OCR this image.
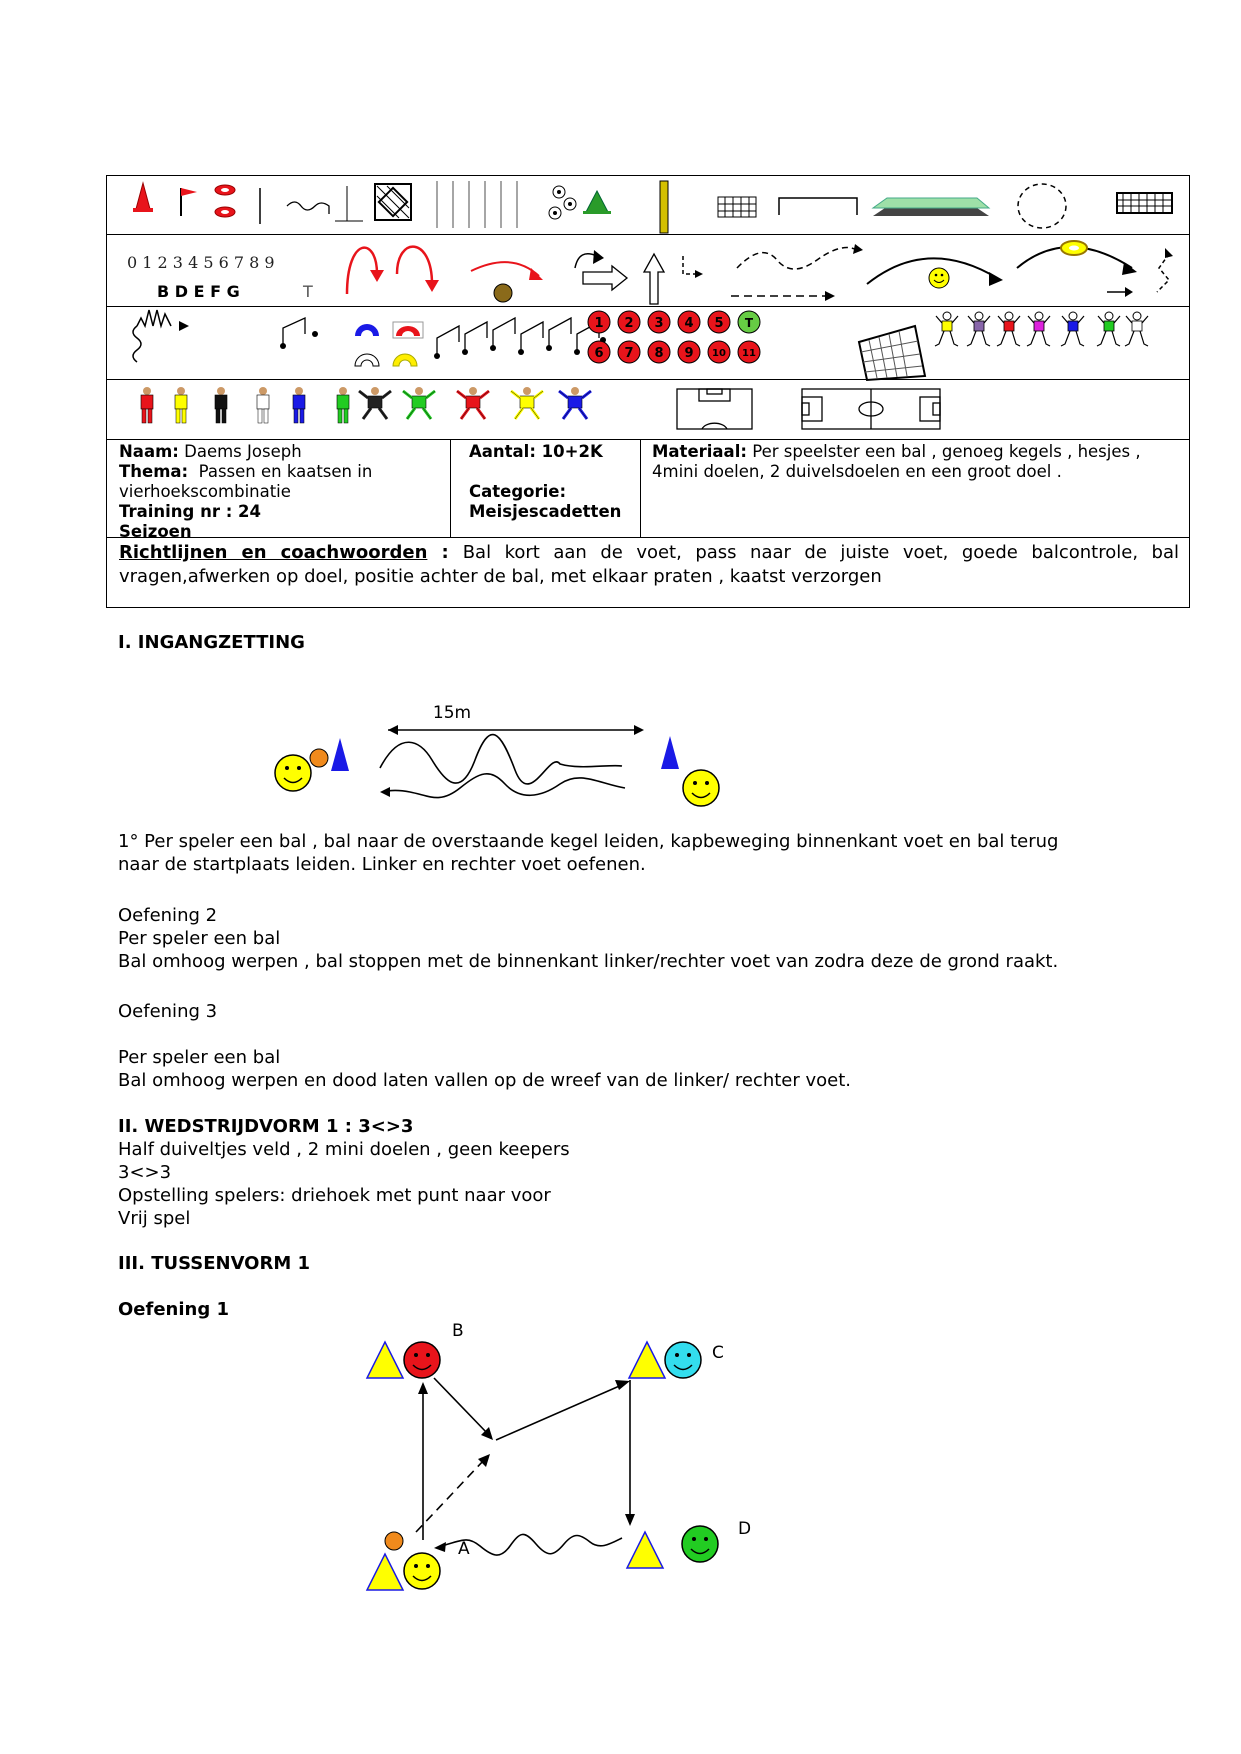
0 1 2 3 4 5 6 7 8 9
B D E F G	T
1 2 3 4 5
6 7 8 9 10 11
T
Naam: Daems Joseph
Thema: Passen en kaatsen in vierhoekscombinatie
Training nr : 24
Seizoen
Aantal: 10+2K

Categorie:
Meisjescadetten
Materiaal: Per speelster een bal , genoeg kegels , hesjes , 4mini doelen, 2 duivelsdoelen en een groot doel .
Richtlijnen en coachwoorden : Bal kort aan de voet, pass naar de juiste voet, goede balcontrole, bal vragen,afwerken op doel, positie achter de bal, met elkaar praten , kaatst verzorgen
I. INGANGZETTING
15m
1° Per speler een bal , bal naar de overstaande kegel leiden, kapbeweging binnenkant voet en bal terug
naar de startplaats leiden. Linker en rechter voet oefenen.
Oefening 2
Per speler een bal
Bal omhoog werpen , bal stoppen met de binnenkant linker/rechter voet van zodra deze de grond raakt.
Oefening 3
Per speler een bal
Bal omhoog werpen en dood laten vallen op de wreef van de linker/ rechter voet.
II. WEDSTRIJDVORM 1 : 3<>3
Half duiveltjes veld , 2 mini doelen , geen keepers
3<>3
Opstelling spelers: driehoek met punt naar voor
Vrij spel
III. TUSSENVORM 1
Oefening 1
B
C
D
A
